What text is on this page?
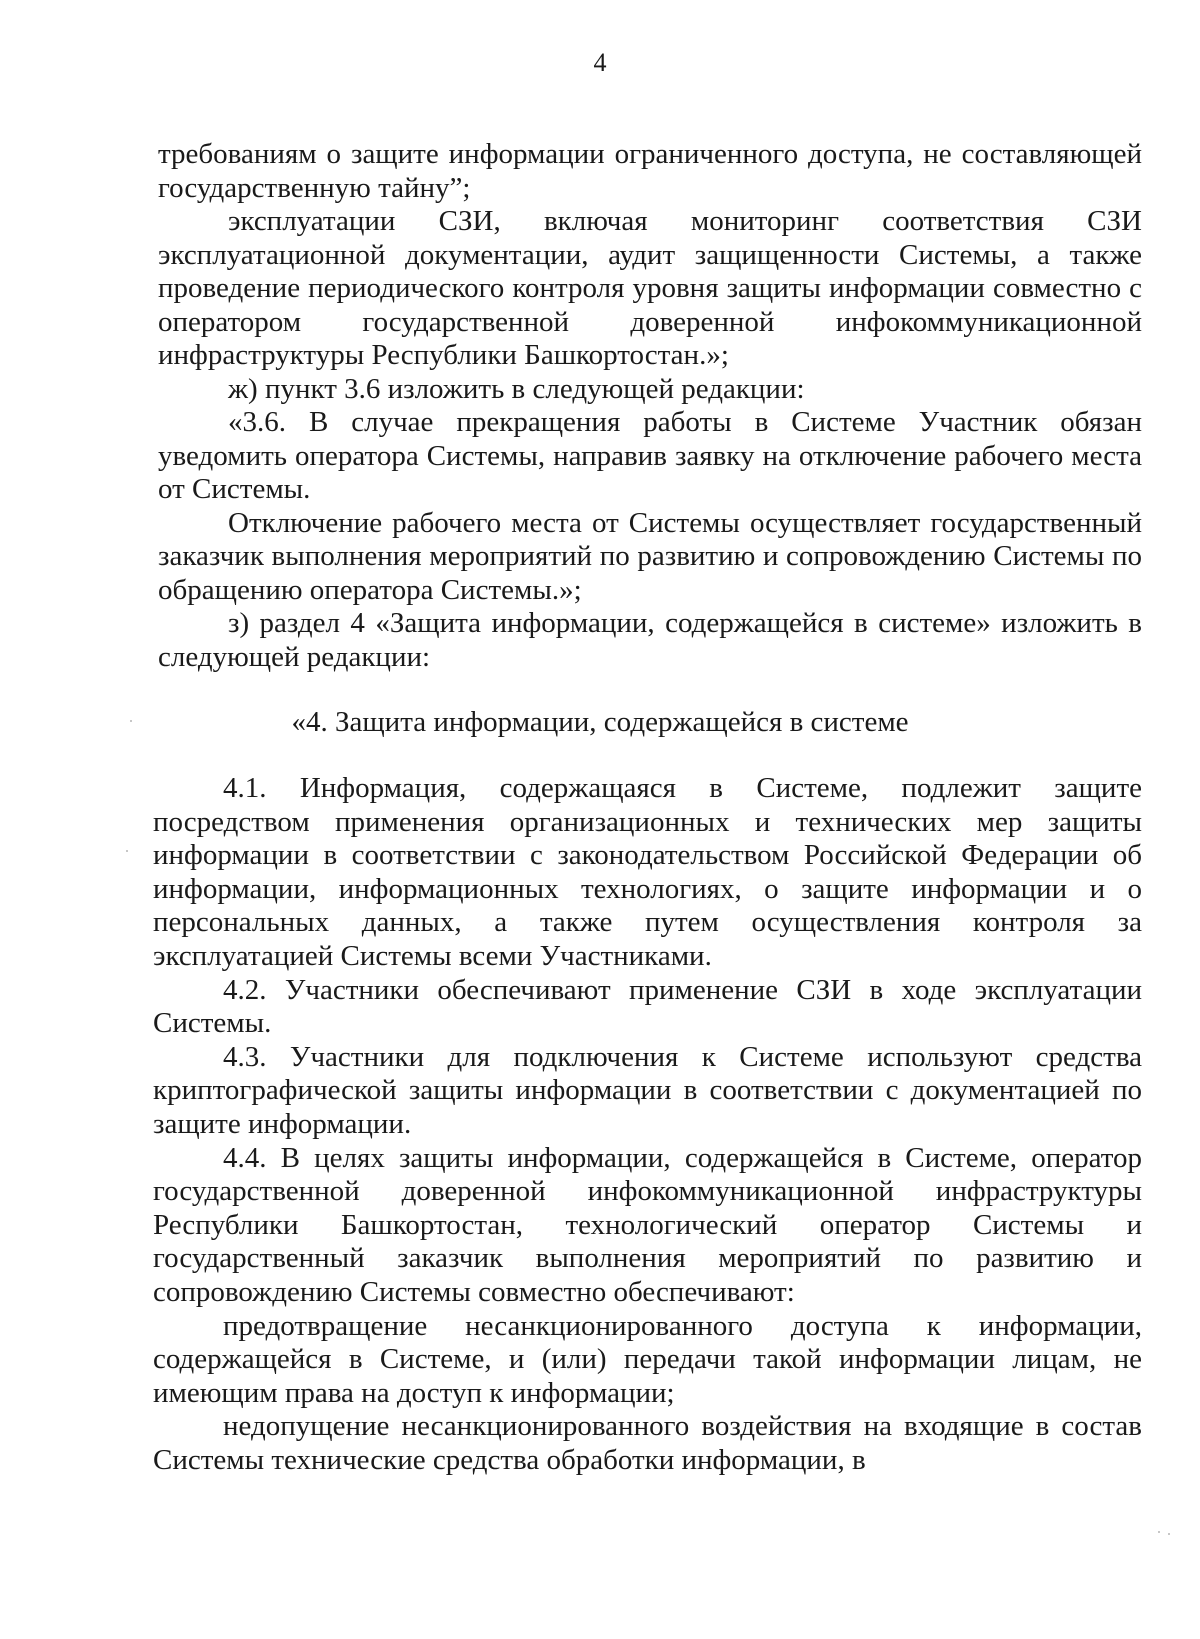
4

требованиям о защите информации ограниченного доступа, не составляющей государственную тайну”;

эксплуатации СЗИ, включая мониторинг соответствия СЗИ эксплуатационной документации, аудит защищенности Системы, а также проведение периодического контроля уровня защиты информации совместно с оператором государственной доверенной инфокоммуникационной инфраструктуры Республики Башкортостан.»;

ж) пункт 3.6 изложить в следующей редакции:

«3.6. В случае прекращения работы в Системе Участник обязан уведомить оператора Системы, направив заявку на отключение рабочего места от Системы.

Отключение рабочего места от Системы осуществляет государственный заказчик выполнения мероприятий по развитию и сопровождению Системы по обращению оператора Системы.»;

з) раздел 4 «Защита информации, содержащейся в системе» изложить в следующей редакции:

«4. Защита информации, содержащейся в системе

4.1. Информация, содержащаяся в Системе, подлежит защите посредством применения организационных и технических мер защиты информации в соответствии с законодательством Российской Федерации об информации, информационных технологиях, о защите информации и о персональных данных, а также путем осуществления контроля за эксплуатацией Системы всеми Участниками.

4.2. Участники обеспечивают применение СЗИ в ходе эксплуатации Системы.

4.3. Участники для подключения к Системе используют средства криптографической защиты информации в соответствии с документацией по защите информации.

4.4. В целях защиты информации, содержащейся в Системе, оператор государственной доверенной инфокоммуникационной инфраструктуры Республики Башкортостан, технологический оператор Системы и государственный заказчик выполнения мероприятий по развитию и сопровождению Системы совместно обеспечивают:

предотвращение несанкционированного доступа к информации, содержащейся в Системе, и (или) передачи такой информации лицам, не имеющим права на доступ к информации;

недопущение несанкционированного воздействия на входящие в состав Системы технические средства обработки информации, в
